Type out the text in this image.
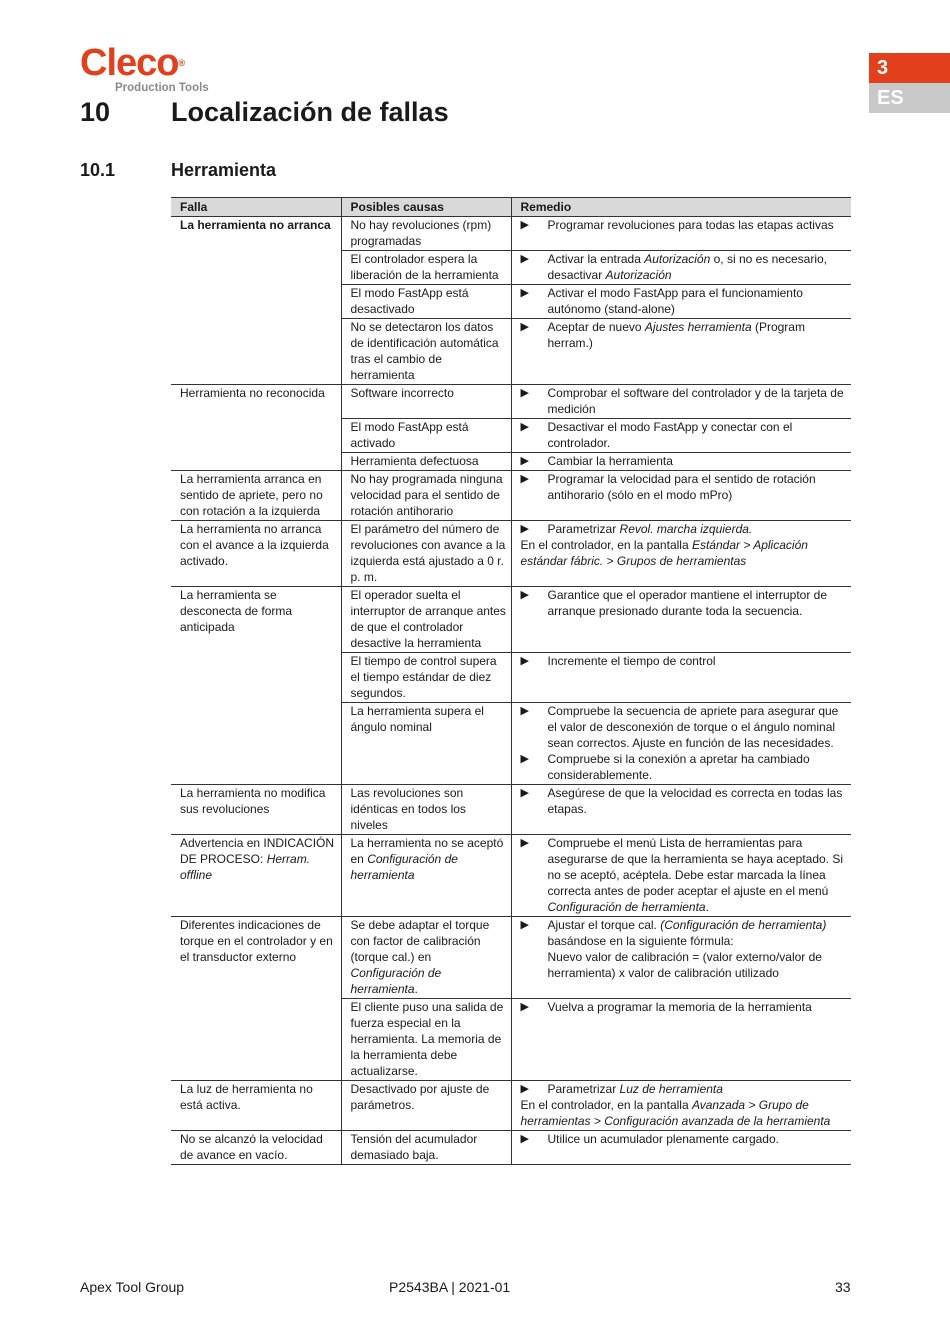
Cleco®
Production Tools
3
ES
10 Localización de fallas
10.1	Herramienta
Falla	Posibles causas	Remedio
La herramienta no arranca	No hay revoluciones (rpm) programadas	▶ Programar revoluciones para todas las etapas activas

	El controlador espera la liberación de la herramienta	▶ Activar la entrada Autorización o, si no es necesario, desactivar Autorización

	El modo FastApp está desactivado	▶ Activar el modo FastApp para el funcionamiento autónomo (stand-alone)

	No se detectaron los datos de identificación automática tras el cambio de herramienta	▶ Aceptar de nuevo Ajustes herramienta (Program herram.)

Herramienta no reconocida	Software incorrecto	▶ Comprobar el software del controlador y de la tarjeta de medición

	El modo FastApp está activado	▶ Desactivar el modo FastApp y conectar con el controlador.

	Herramienta defectuosa	▶ Cambiar la herramienta

La herramienta arranca en sentido de apriete, pero no con rotación a la izquierda	No hay programada ninguna velocidad para el sentido de rotación antihorario	▶ Programar la velocidad para el sentido de rotación antihorario (sólo en el modo mPro)

La herramienta no arranca con el avance a la izquierda activado.	El parámetro del número de revoluciones con avance a la izquierda está ajustado a 0 r. p. m.	▶ Parametrizar Revol. marcha izquierda.
En el controlador, en la pantalla Estándar > Aplicación estándar fábric. > Grupos de herramientas

La herramienta se desconecta de forma anticipada	El operador suelta el interruptor de arranque antes de que el controlador desactive la herramienta	▶ Garantice que el operador mantiene el interruptor de arranque presionado durante toda la secuencia.

	El tiempo de control supera el tiempo estándar de diez segundos.	▶ Incremente el tiempo de control

	La herramienta supera el ángulo nominal	▶ Compruebe la secuencia de apriete para asegurar que el valor de desconexión de torque o el ángulo nominal sean correctos. Ajuste en función de las necesidades.
▶ Compruebe si la conexión a apretar ha cambiado considerablemente.

La herramienta no modifica sus revoluciones	Las revoluciones son idénticas en todos los niveles	▶ Asegúrese de que la velocidad es correcta en todas las etapas.

Advertencia en INDICACIÓN DE PROCESO: Herram. offline	La herramienta no se aceptó en Configuración de herramienta	▶ Compruebe el menú Lista de herramientas para asegurarse de que la herramienta se haya aceptado. Si no se aceptó, acéptela. Debe estar marcada la línea correcta antes de poder aceptar el ajuste en el menú Configuración de herramienta.

Diferentes indicaciones de torque en el controlador y en el transductor externo	Se debe adaptar el torque con factor de calibración (torque cal.) en Configuración de herramienta.	▶ Ajustar el torque cal. (Configuración de herramienta) basándose en la siguiente fórmula:
Nuevo valor de calibración = (valor externo/valor de herramienta) x valor de calibración utilizado

	El cliente puso una salida de fuerza especial en la herramienta. La memoria de la herramienta debe actualizarse.	▶ Vuelva a programar la memoria de la herramienta

La luz de herramienta no está activa.	Desactivado por ajuste de parámetros.	▶ Parametrizar Luz de herramienta
En el controlador, en la pantalla Avanzada > Grupo de herramientas > Configuración avanzada de la herramienta

No se alcanzó la velocidad de avance en vacío.	Tensión del acumulador demasiado baja.	▶ Utilice un acumulador plenamente cargado.
Apex Tool Group	P2543BA | 2021-01	33
